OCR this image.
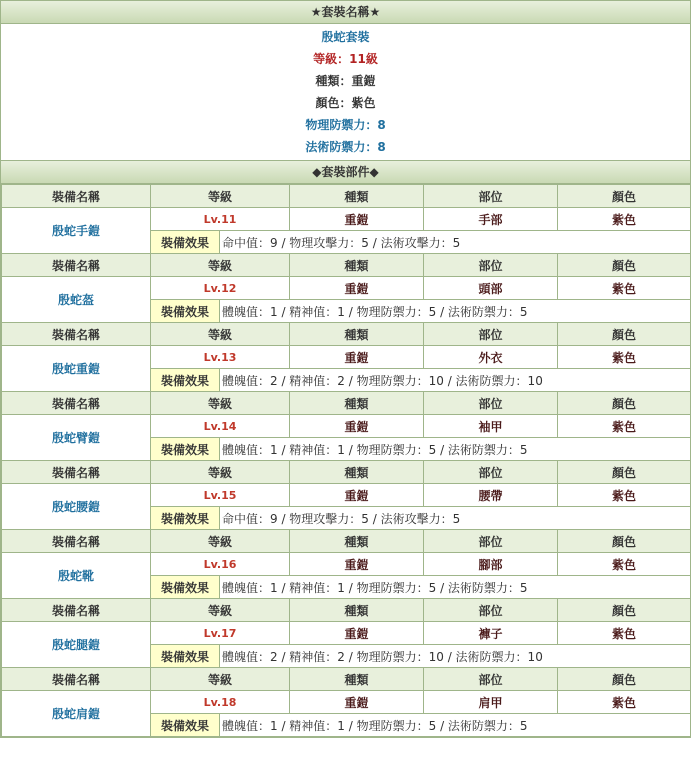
★套裝名稱★
殷蛇套裝
等級：11級
種類：重鎧
顏色：紫色
物理防禦力：8
法術防禦力：8
◆套裝部件◆
裝備名稱	等級		種類	部位	顏色
殷蛇手鎧	Lv.11		重鎧	手部	紫色
	裝備效果	命中值：9 / 物理攻擊力：5 / 法術攻擊力：5			
裝備名稱	等級		種類	部位	顏色
殷蛇盔	Lv.12		重鎧	頭部	紫色
	裝備效果	體魄值：1 / 精神值：1 / 物理防禦力：5 / 法術防禦力：5			
裝備名稱	等級		種類	部位	顏色
殷蛇重鎧	Lv.13		重鎧	外衣	紫色
	裝備效果	體魄值：2 / 精神值：2 / 物理防禦力：10 / 法術防禦力：10			
裝備名稱	等級		種類	部位	顏色
殷蛇臂鎧	Lv.14		重鎧	袖甲	紫色
	裝備效果	體魄值：1 / 精神值：1 / 物理防禦力：5 / 法術防禦力：5			
裝備名稱	等級		種類	部位	顏色
殷蛇腰鎧	Lv.15		重鎧	腰帶	紫色
	裝備效果	命中值：9 / 物理攻擊力：5 / 法術攻擊力：5			
裝備名稱	等級		種類	部位	顏色
殷蛇靴	Lv.16		重鎧	腳部	紫色
	裝備效果	體魄值：1 / 精神值：1 / 物理防禦力：5 / 法術防禦力：5			
裝備名稱	等級		種類	部位	顏色
殷蛇腿鎧	Lv.17		重鎧	褲子	紫色
	裝備效果	體魄值：2 / 精神值：2 / 物理防禦力：10 / 法術防禦力：10			
裝備名稱	等級		種類	部位	顏色
殷蛇肩鎧	Lv.18		重鎧	肩甲	紫色
	裝備效果	體魄值：1 / 精神值：1 / 物理防禦力：5 / 法術防禦力：5			
